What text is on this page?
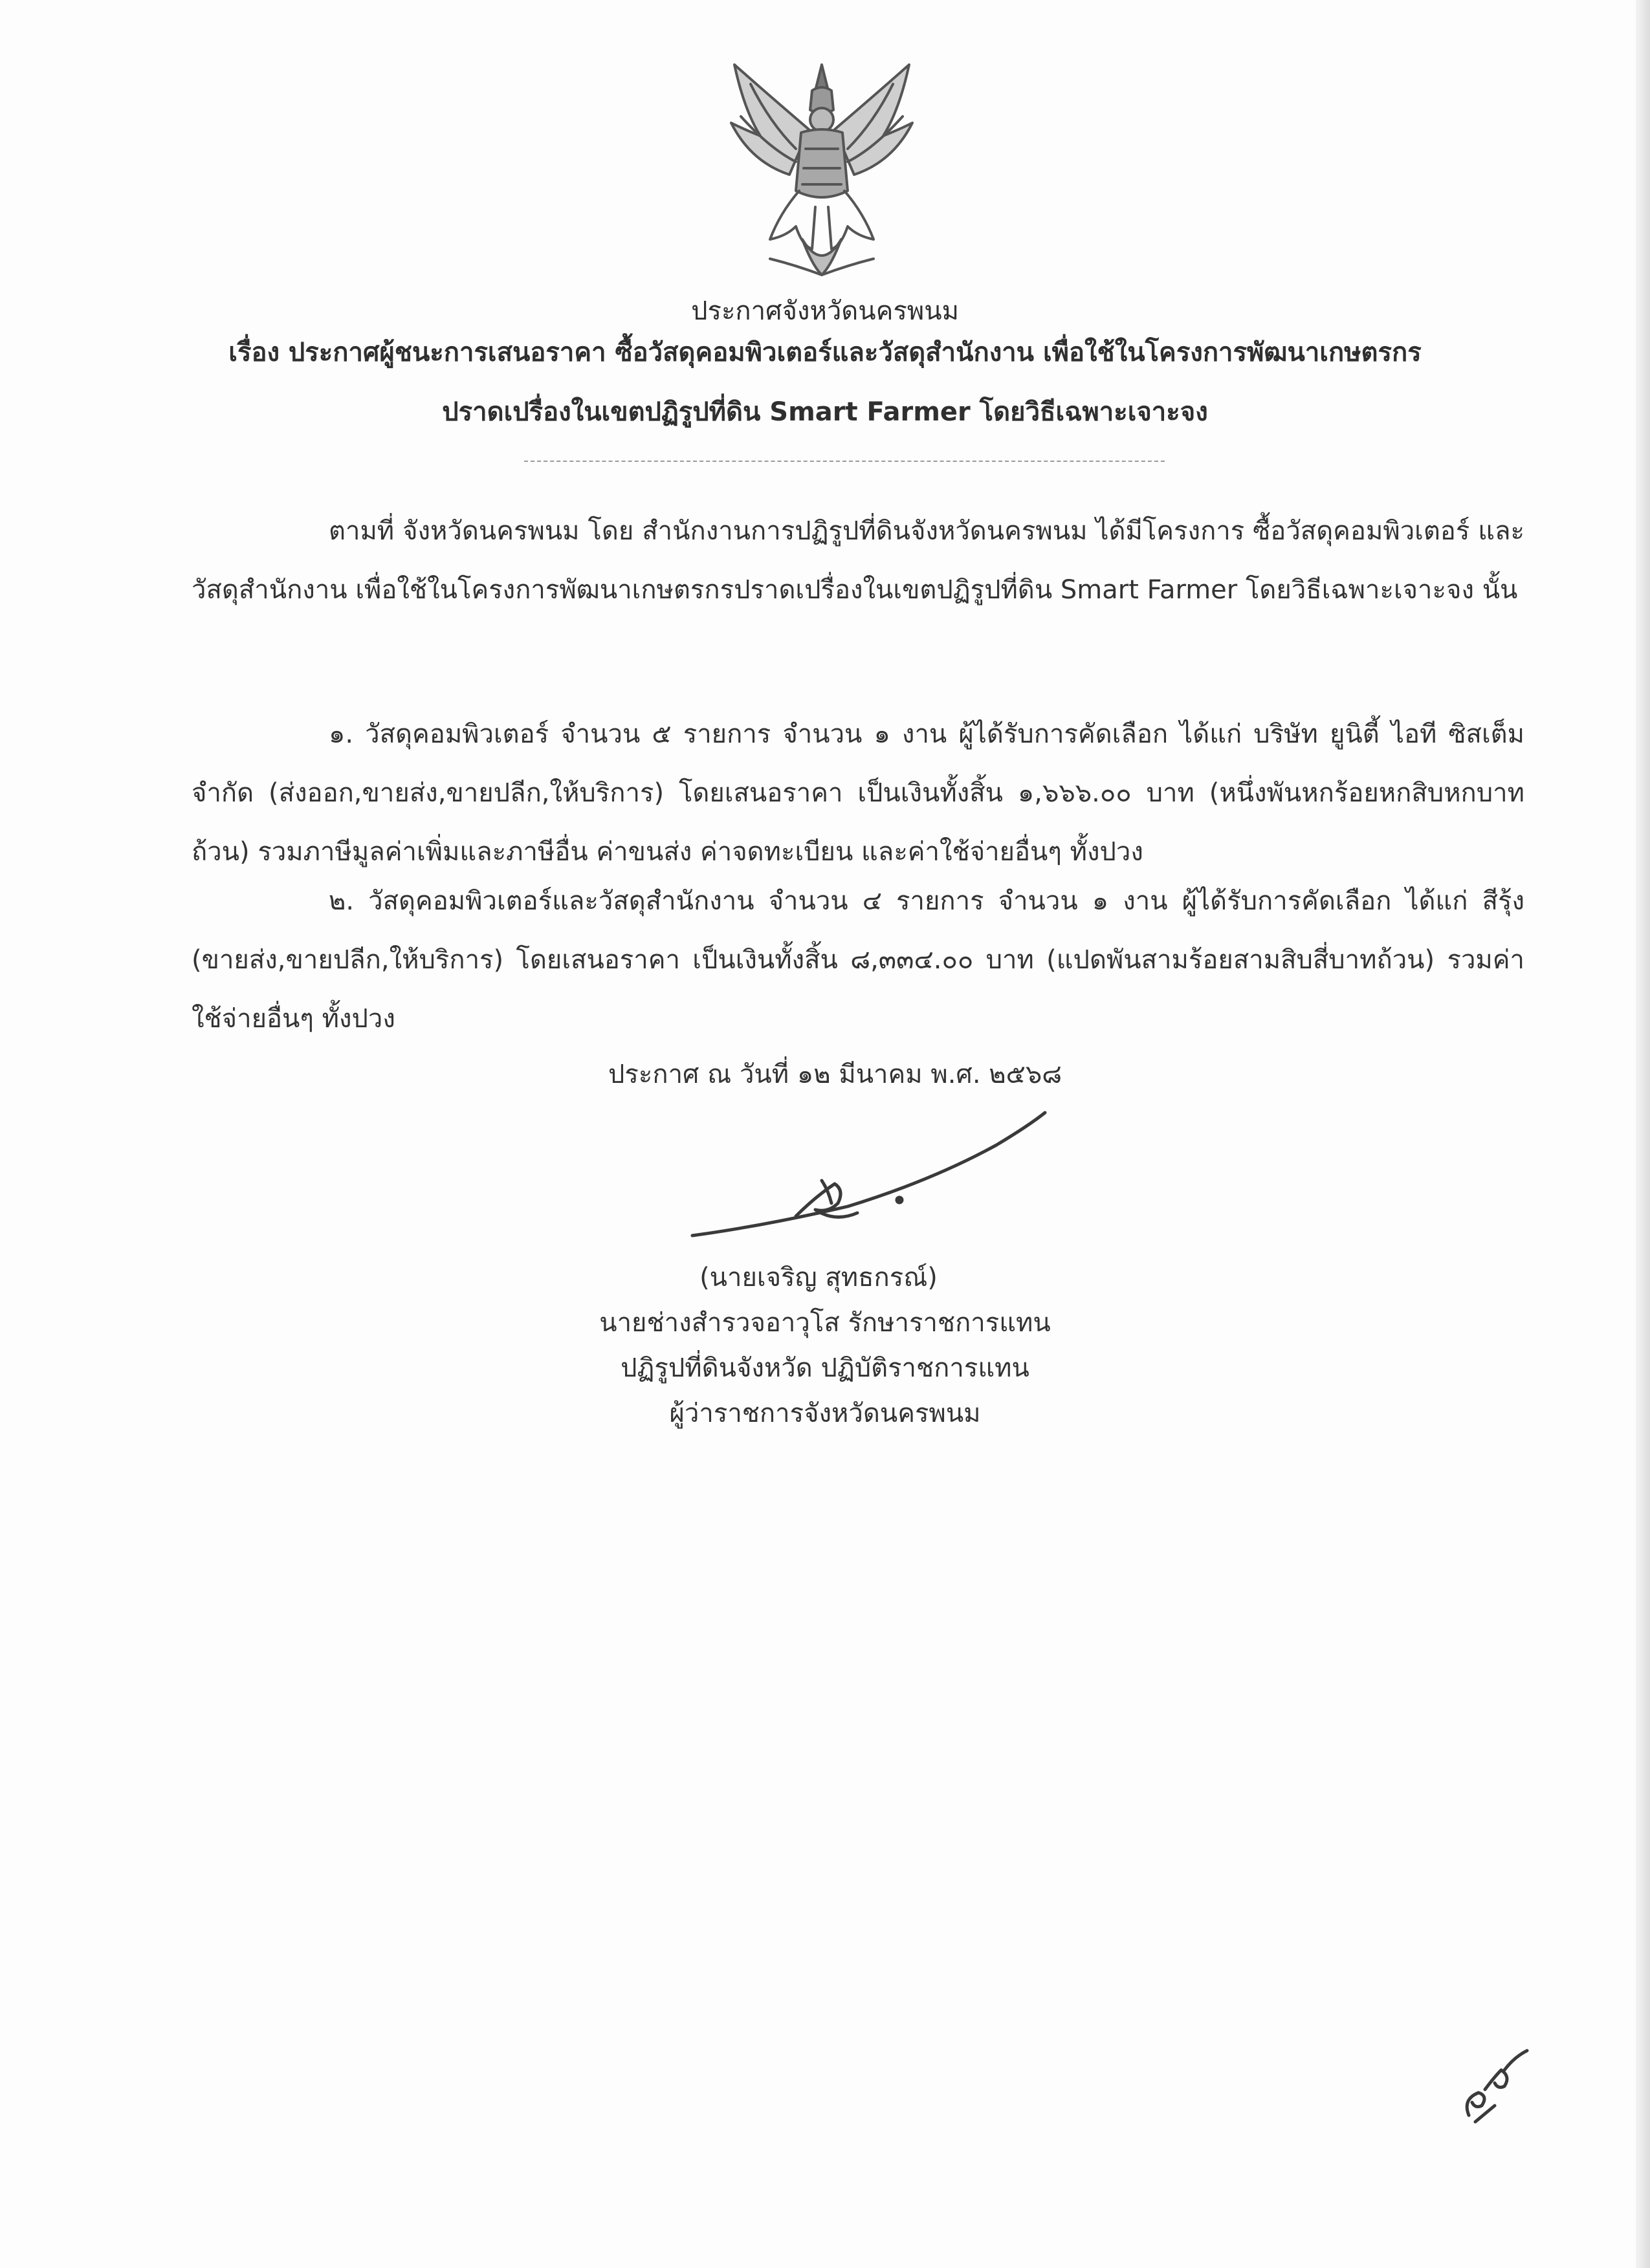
ประกาศจังหวัดนครพนม
เรื่อง ประกาศผู้ชนะการเสนอราคา ซื้อวัสดุคอมพิวเตอร์และวัสดุสำนักงาน เพื่อใช้ในโครงการพัฒนาเกษตรกร
ปราดเปรื่องในเขตปฏิรูปที่ดิน Smart Farmer โดยวิธีเฉพาะเจาะจง
ตามที่ จังหวัดนครพนม โดย สำนักงานการปฏิรูปที่ดินจังหวัดนครพนม ได้มีโครงการ ซื้อวัสดุคอมพิวเตอร์ และวัสดุสำนักงาน เพื่อใช้ในโครงการพัฒนาเกษตรกรปราดเปรื่องในเขตปฏิรูปที่ดิน Smart Farmer โดยวิธีเฉพาะเจาะจง นั้น
๑. วัสดุคอมพิวเตอร์ จำนวน ๕ รายการ จำนวน ๑ งาน ผู้ได้รับการคัดเลือก ได้แก่ บริษัท ยูนิตี้ ไอที ซิสเต็ม จำกัด (ส่งออก,ขายส่ง,ขายปลีก,ให้บริการ) โดยเสนอราคา เป็นเงินทั้งสิ้น ๑,๖๖๖.๐๐ บาท (หนึ่งพันหกร้อยหกสิบหกบาทถ้วน) รวมภาษีมูลค่าเพิ่มและภาษีอื่น ค่าขนส่ง ค่าจดทะเบียน และค่าใช้จ่ายอื่นๆ ทั้งปวง
๒. วัสดุคอมพิวเตอร์และวัสดุสำนักงาน จำนวน ๔ รายการ จำนวน ๑ งาน ผู้ได้รับการคัดเลือก ได้แก่ สีรุ้ง (ขายส่ง,ขายปลีก,ให้บริการ) โดยเสนอราคา เป็นเงินทั้งสิ้น ๘,๓๓๔.๐๐ บาท (แปดพันสามร้อยสามสิบสี่บาทถ้วน) รวมค่าใช้จ่ายอื่นๆ ทั้งปวง
ประกาศ ณ วันที่ ๑๒ มีนาคม พ.ศ. ๒๕๖๘
(นายเจริญ สุทธกรณ์)
นายช่างสำรวจอาวุโส รักษาราชการแทน
ปฏิรูปที่ดินจังหวัด ปฏิบัติราชการแทน
ผู้ว่าราชการจังหวัดนครพนม
